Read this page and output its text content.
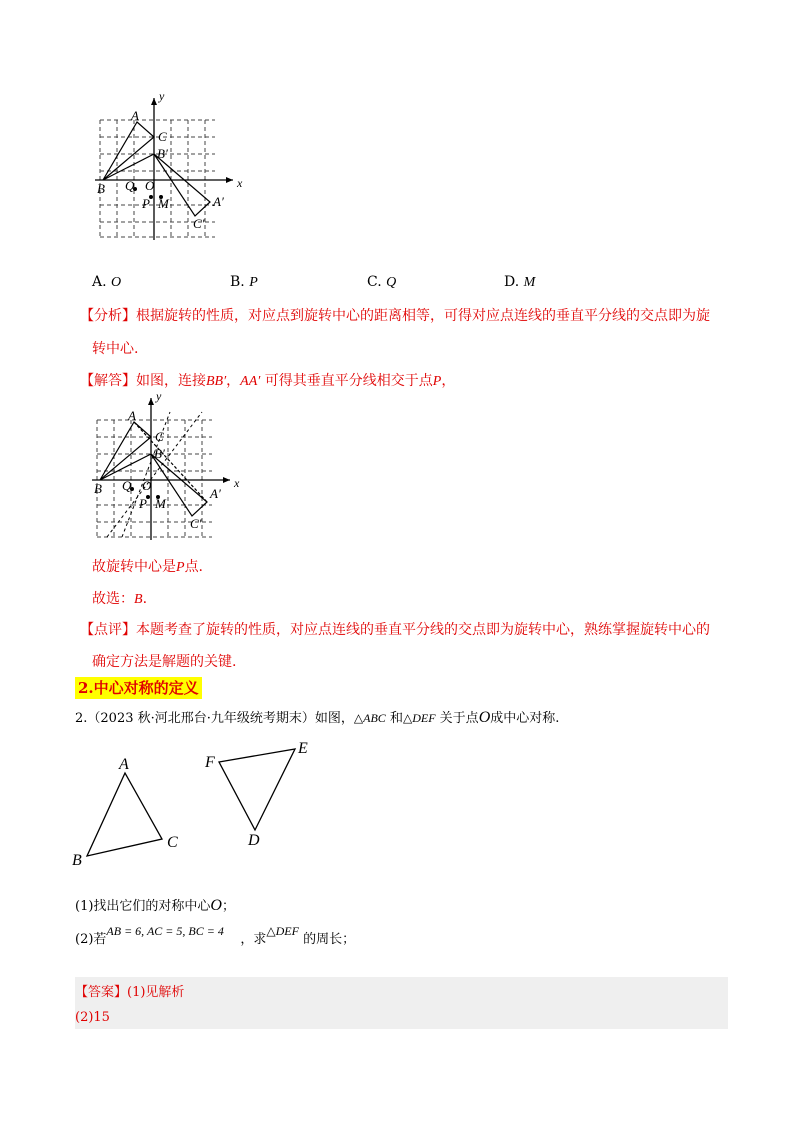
y
x
A
C
B′
B Q O
P M	A′
C′
A. O	B. P	C. Q	D. M
【分析】根据旋转的性质，对应点到旋转中心的距离相等，可得对应点连线的垂直平分线的交点即为旋
转中心.
【解答】如图，连接BB′，AA′ 可得其垂直平分线相交于点P，
y
x
A
C
B′
B Q O
P M
A′
C′
故旋转中心是P点.
故选：B.
【点评】本题考查了旋转的性质，对应点连线的垂直平分线的交点即为旋转中心，熟练掌握旋转中心的
确定方法是解题的关键.
2.中心对称的定义
2.（2023 秋·河北邢台·九年级统考期末）如图，△ABC 和△DEF 关于点O成中心对称.
A
B
C	D
E
F
(1)找出它们的对称中心O；
(2)若AB = 6, AC = 5, BC = 4    ，求△DEF 的周长；
【答案】(1)见解析
(2)15
